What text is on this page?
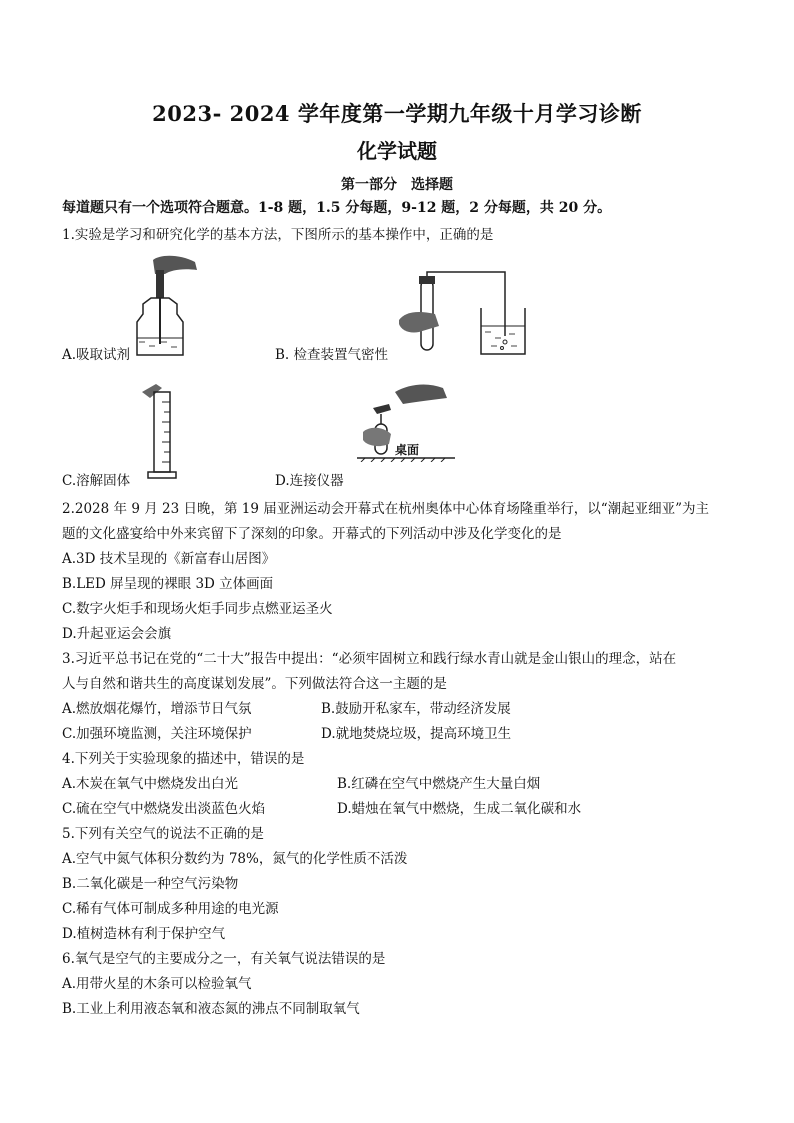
2023- 2024 学年度第一学期九年级十月学习诊断
化学试题
第一部分　选择题
每道题只有一个选项符合题意。1-8 题，1.5 分每题，9-12 题，2 分每题，共 20 分。
1.实验是学习和研究化学的基本方法，下图所示的基本操作中，正确的是
A.吸取试剂	B. 检查装置气密性
C.溶解固体
桌面
D.连接仪器
2.2028 年 9 月 23 日晚，第 19 届亚洲运动会开幕式在杭州奥体中心体育场隆重举行，以“潮起亚细亚”为主
题的文化盛宴给中外来宾留下了深刻的印象。开幕式的下列活动中涉及化学变化的是
A.3D 技术呈现的《新富春山居图》
B.LED 屏呈现的裸眼 3D 立体画面
C.数字火炬手和现场火炬手同步点燃亚运圣火
D.升起亚运会会旗
3.习近平总书记在党的“二十大”报告中提出：“必须牢固树立和践行绿水青山就是金山银山的理念，站在
人与自然和谐共生的高度谋划发展”。下列做法符合这一主题的是
A.燃放烟花爆竹，增添节日气氛	B.鼓励开私家车，带动经济发展
C.加强环境监测，关注环境保护	D.就地焚烧垃圾，提高环境卫生
4.下列关于实验现象的描述中，错误的是
A.木炭在氧气中燃烧发出白光	B.红磷在空气中燃烧产生大量白烟
C.硫在空气中燃烧发出淡蓝色火焰	D.蜡烛在氧气中燃烧，生成二氧化碳和水
5.下列有关空气的说法不正确的是
A.空气中氮气体积分数约为 78%，氮气的化学性质不活泼
B.二氧化碳是一种空气污染物
C.稀有气体可制成多种用途的电光源
D.植树造林有利于保护空气
6.氧气是空气的主要成分之一，有关氧气说法错误的是
A.用带火星的木条可以检验氧气
B.工业上利用液态氧和液态氮的沸点不同制取氧气
